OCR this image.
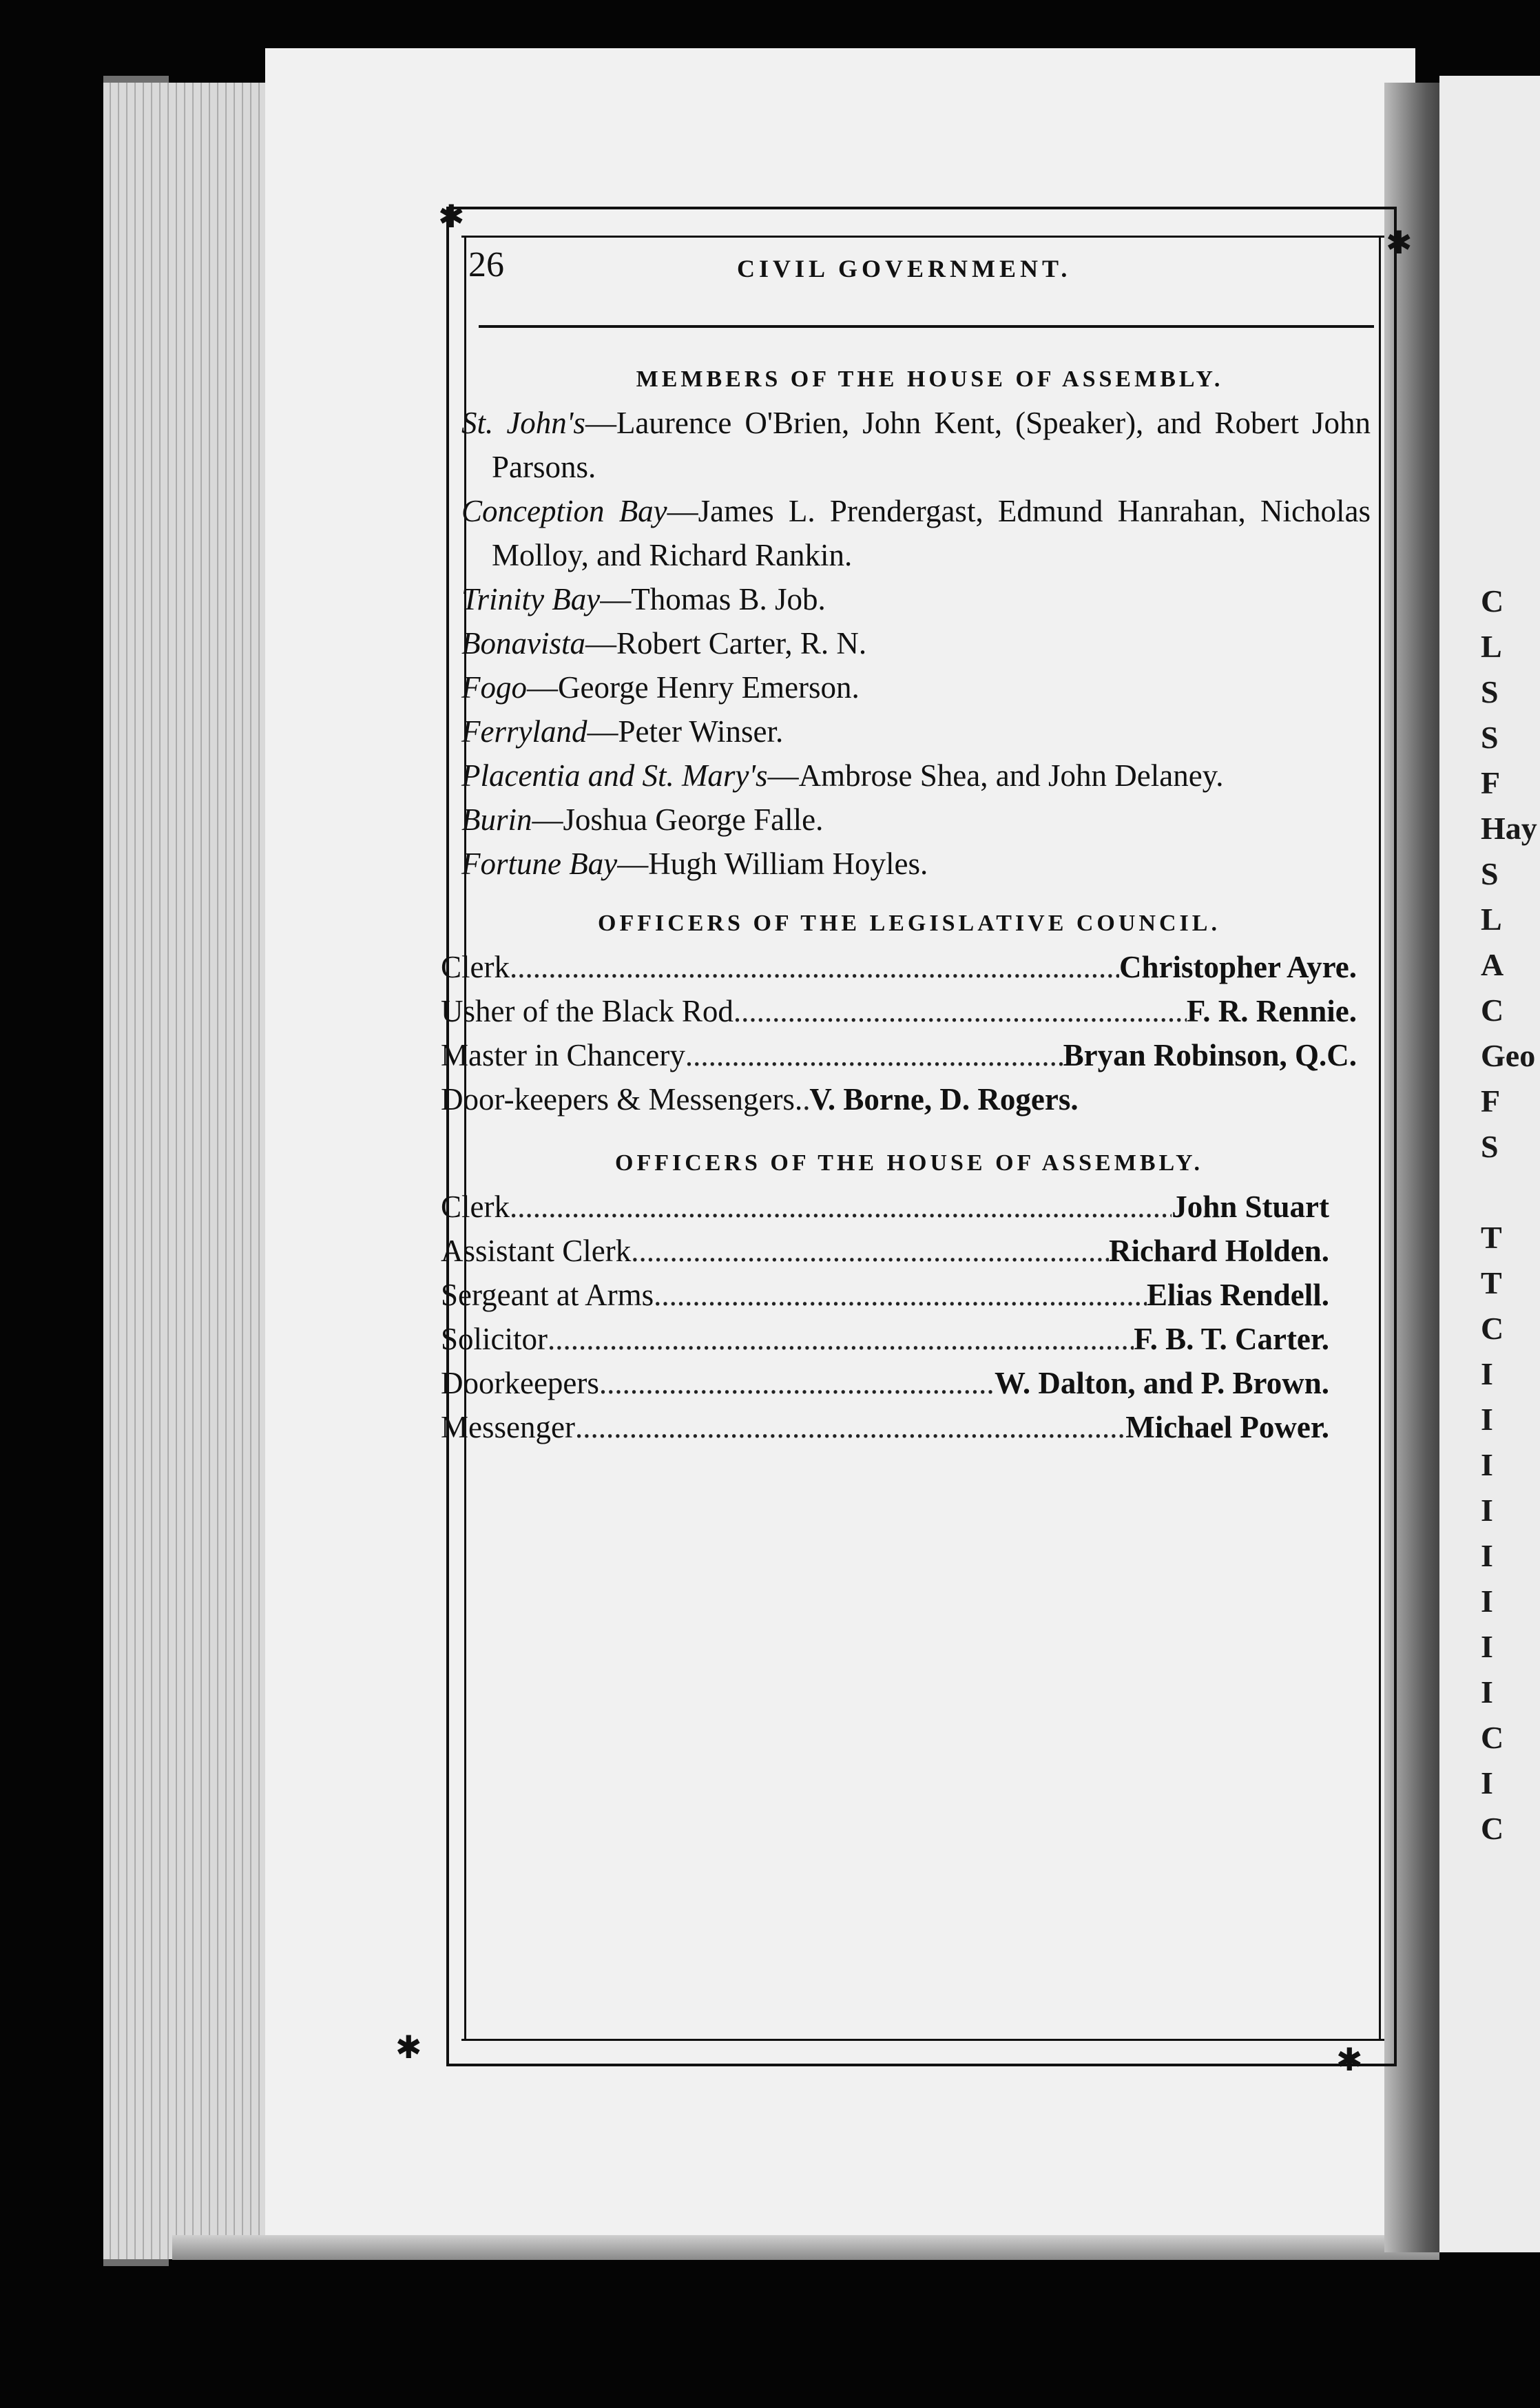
C
L
S
S
F
Hay
S
L
A
C
Geo
F
S

T
T
C
I
I
I
I
I
I
I
I
C
I
C
✱
✱
✱	✱
26	CIVIL GOVERNMENT.
MEMBERS OF THE HOUSE OF ASSEMBLY.

St. John's—Laurence O'Brien, John Kent, (Speaker), and Robert John Parsons.

Conception Bay—James L. Prendergast, Edmund Hanrahan, Nicholas Molloy, and Richard Rankin.

Trinity Bay—Thomas B. Job.

Bonavista—Robert Carter, R. N.

Fogo—George Henry Emerson.

Ferryland—Peter Winser.

Placentia and St. Mary's—Ambrose Shea, and John Delaney.

Burin—Joshua George Falle.

Fortune Bay—Hugh William Hoyles.

OFFICERS OF THE LEGISLATIVE COUNCIL.
Clerk .....	Christopher Ayre.
Usher of the Black Rod .....	F. R. Rennie.
Master in Chancery .....	Bryan Robinson, Q.C.
Door-keepers & Messengers. ..... V. Borne, D. Rogers.
OFFICERS OF THE HOUSE OF ASSEMBLY.
Clerk .....	John Stuart
Assistant Clerk .....	Richard Holden.
Sergeant at Arms .....	Elias Rendell.
Solicitor .....	F. B. T. Carter.
Doorkeepers .....	W. Dalton, and P. Brown.
Messenger .....	Michael Power.
